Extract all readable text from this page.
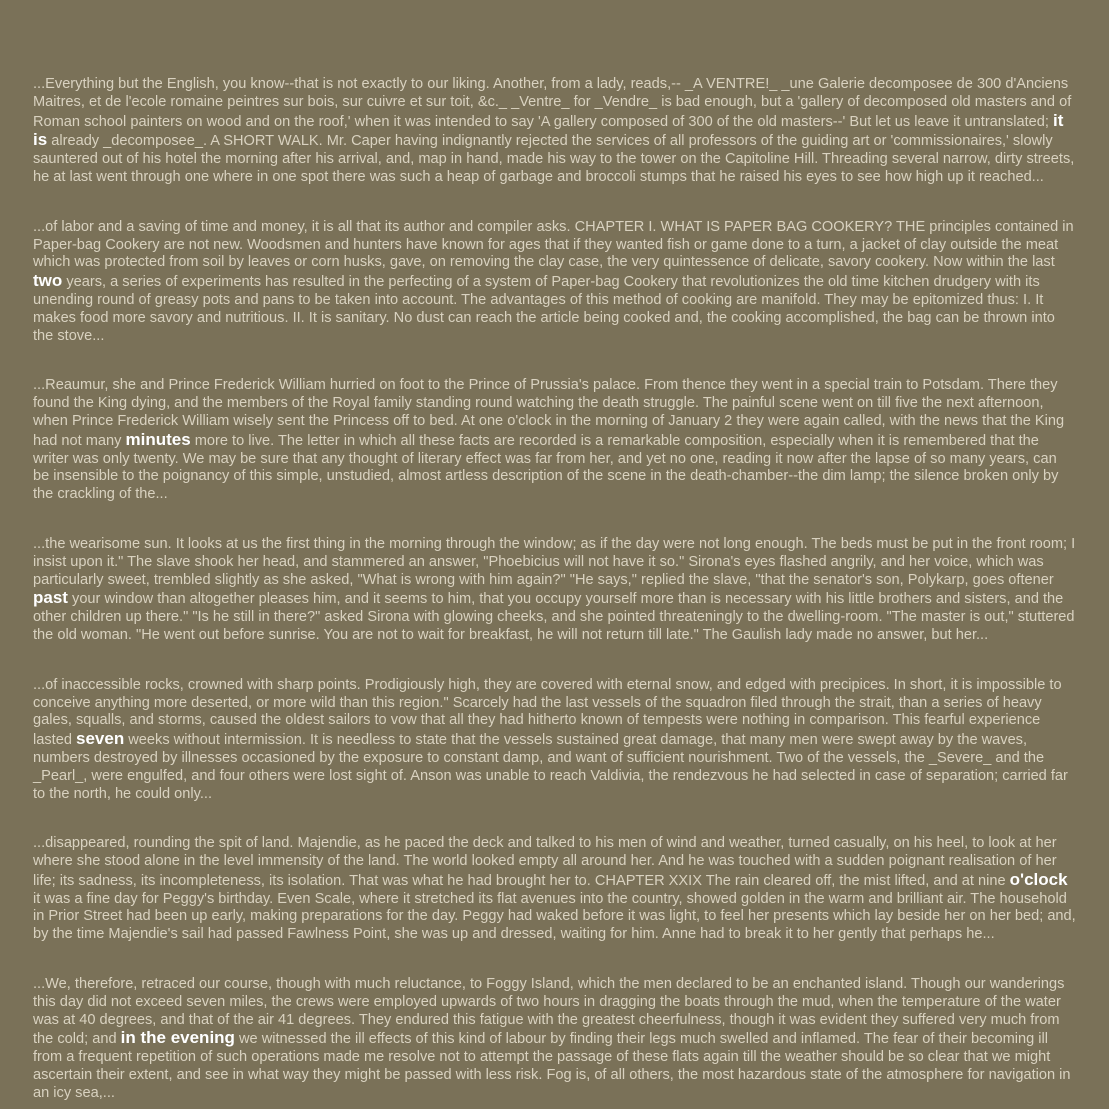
...Everything but the English, you know--that is not exactly to our liking. Another, from a lady, reads,-- _A VENTRE!_ _une Galerie decomposee de 300 d'Anciens Maitres, et de l'ecole romaine peintres sur bois, sur cuivre et sur toit, &c._ _Ventre_ for _Vendre_ is bad enough, but a 'gallery of decomposed old masters and of Roman school painters on wood and on the roof,' when it was intended to say 'A gallery composed of 300 of the old masters--' But let us leave it untranslated; it is already _decomposee_. A SHORT WALK. Mr. Caper having indignantly rejected the services of all professors of the guiding art or 'commissionaires,' slowly sauntered out of his hotel the morning after his arrival, and, map in hand, made his way to the tower on the Capitoline Hill. Threading several narrow, dirty streets, he at last went through one where in one spot there was such a heap of garbage and broccoli stumps that he raised his eyes to see how high up it reached...

...of labor and a saving of time and money, it is all that its author and compiler asks. CHAPTER I. WHAT IS PAPER BAG COOKERY? THE principles contained in Paper-bag Cookery are not new. Woodsmen and hunters have known for ages that if they wanted fish or game done to a turn, a jacket of clay outside the meat which was protected from soil by leaves or corn husks, gave, on removing the clay case, the very quintessence of delicate, savory cookery. Now within the last two years, a series of experiments has resulted in the perfecting of a system of Paper-bag Cookery that revolutionizes the old time kitchen drudgery with its unending round of greasy pots and pans to be taken into account. The advantages of this method of cooking are manifold. They may be epitomized thus: I. It makes food more savory and nutritious. II. It is sanitary. No dust can reach the article being cooked and, the cooking accomplished, the bag can be thrown into the stove...

...Reaumur, she and Prince Frederick William hurried on foot to the Prince of Prussia's palace. From thence they went in a special train to Potsdam. There they found the King dying, and the members of the Royal family standing round watching the death struggle. The painful scene went on till five the next afternoon, when Prince Frederick William wisely sent the Princess off to bed. At one o'clock in the morning of January 2 they were again called, with the news that the King had not many minutes more to live. The letter in which all these facts are recorded is a remarkable composition, especially when it is remembered that the writer was only twenty. We may be sure that any thought of literary effect was far from her, and yet no one, reading it now after the lapse of so many years, can be insensible to the poignancy of this simple, unstudied, almost artless description of the scene in the death-chamber--the dim lamp; the silence broken only by the crackling of the...

...the wearisome sun. It looks at us the first thing in the morning through the window; as if the day were not long enough. The beds must be put in the front room; I insist upon it." The slave shook her head, and stammered an answer, "Phoebicius will not have it so." Sirona's eyes flashed angrily, and her voice, which was particularly sweet, trembled slightly as she asked, "What is wrong with him again?" "He says," replied the slave, "that the senator's son, Polykarp, goes oftener past your window than altogether pleases him, and it seems to him, that you occupy yourself more than is necessary with his little brothers and sisters, and the other children up there." "Is he still in there?" asked Sirona with glowing cheeks, and she pointed threateningly to the dwelling-room. "The master is out," stuttered the old woman. "He went out before sunrise. You are not to wait for breakfast, he will not return till late." The Gaulish lady made no answer, but her...

...of inaccessible rocks, crowned with sharp points. Prodigiously high, they are covered with eternal snow, and edged with precipices. In short, it is impossible to conceive anything more deserted, or more wild than this region." Scarcely had the last vessels of the squadron filed through the strait, than a series of heavy gales, squalls, and storms, caused the oldest sailors to vow that all they had hitherto known of tempests were nothing in comparison. This fearful experience lasted seven weeks without intermission. It is needless to state that the vessels sustained great damage, that many men were swept away by the waves, numbers destroyed by illnesses occasioned by the exposure to constant damp, and want of sufficient nourishment. Two of the vessels, the _Severe_ and the _Pearl_, were engulfed, and four others were lost sight of. Anson was unable to reach Valdivia, the rendezvous he had selected in case of separation; carried far to the north, he could only...

...disappeared, rounding the spit of land. Majendie, as he paced the deck and talked to his men of wind and weather, turned casually, on his heel, to look at her where she stood alone in the level immensity of the land. The world looked empty all around her. And he was touched with a sudden poignant realisation of her life; its sadness, its incompleteness, its isolation. That was what he had brought her to. CHAPTER XXIX The rain cleared off, the mist lifted, and at nine o'clock it was a fine day for Peggy's birthday. Even Scale, where it stretched its flat avenues into the country, showed golden in the warm and brilliant air. The household in Prior Street had been up early, making preparations for the day. Peggy had waked before it was light, to feel her presents which lay beside her on her bed; and, by the time Majendie's sail had passed Fawlness Point, she was up and dressed, waiting for him. Anne had to break it to her gently that perhaps he...

...We, therefore, retraced our course, though with much reluctance, to Foggy Island, which the men declared to be an enchanted island. Though our wanderings this day did not exceed seven miles, the crews were employed upwards of two hours in dragging the boats through the mud, when the temperature of the water was at 40 degrees, and that of the air 41 degrees. They endured this fatigue with the greatest cheerfulness, though it was evident they suffered very much from the cold; and in the evening we witnessed the ill effects of this kind of labour by finding their legs much swelled and inflamed. The fear of their becoming ill from a frequent repetition of such operations made me resolve not to attempt the passage of these flats again till the weather should be so clear that we might ascertain their extent, and see in what way they might be passed with less risk. Fog is, of all others, the most hazardous state of the atmosphere for navigation in an icy sea,...
